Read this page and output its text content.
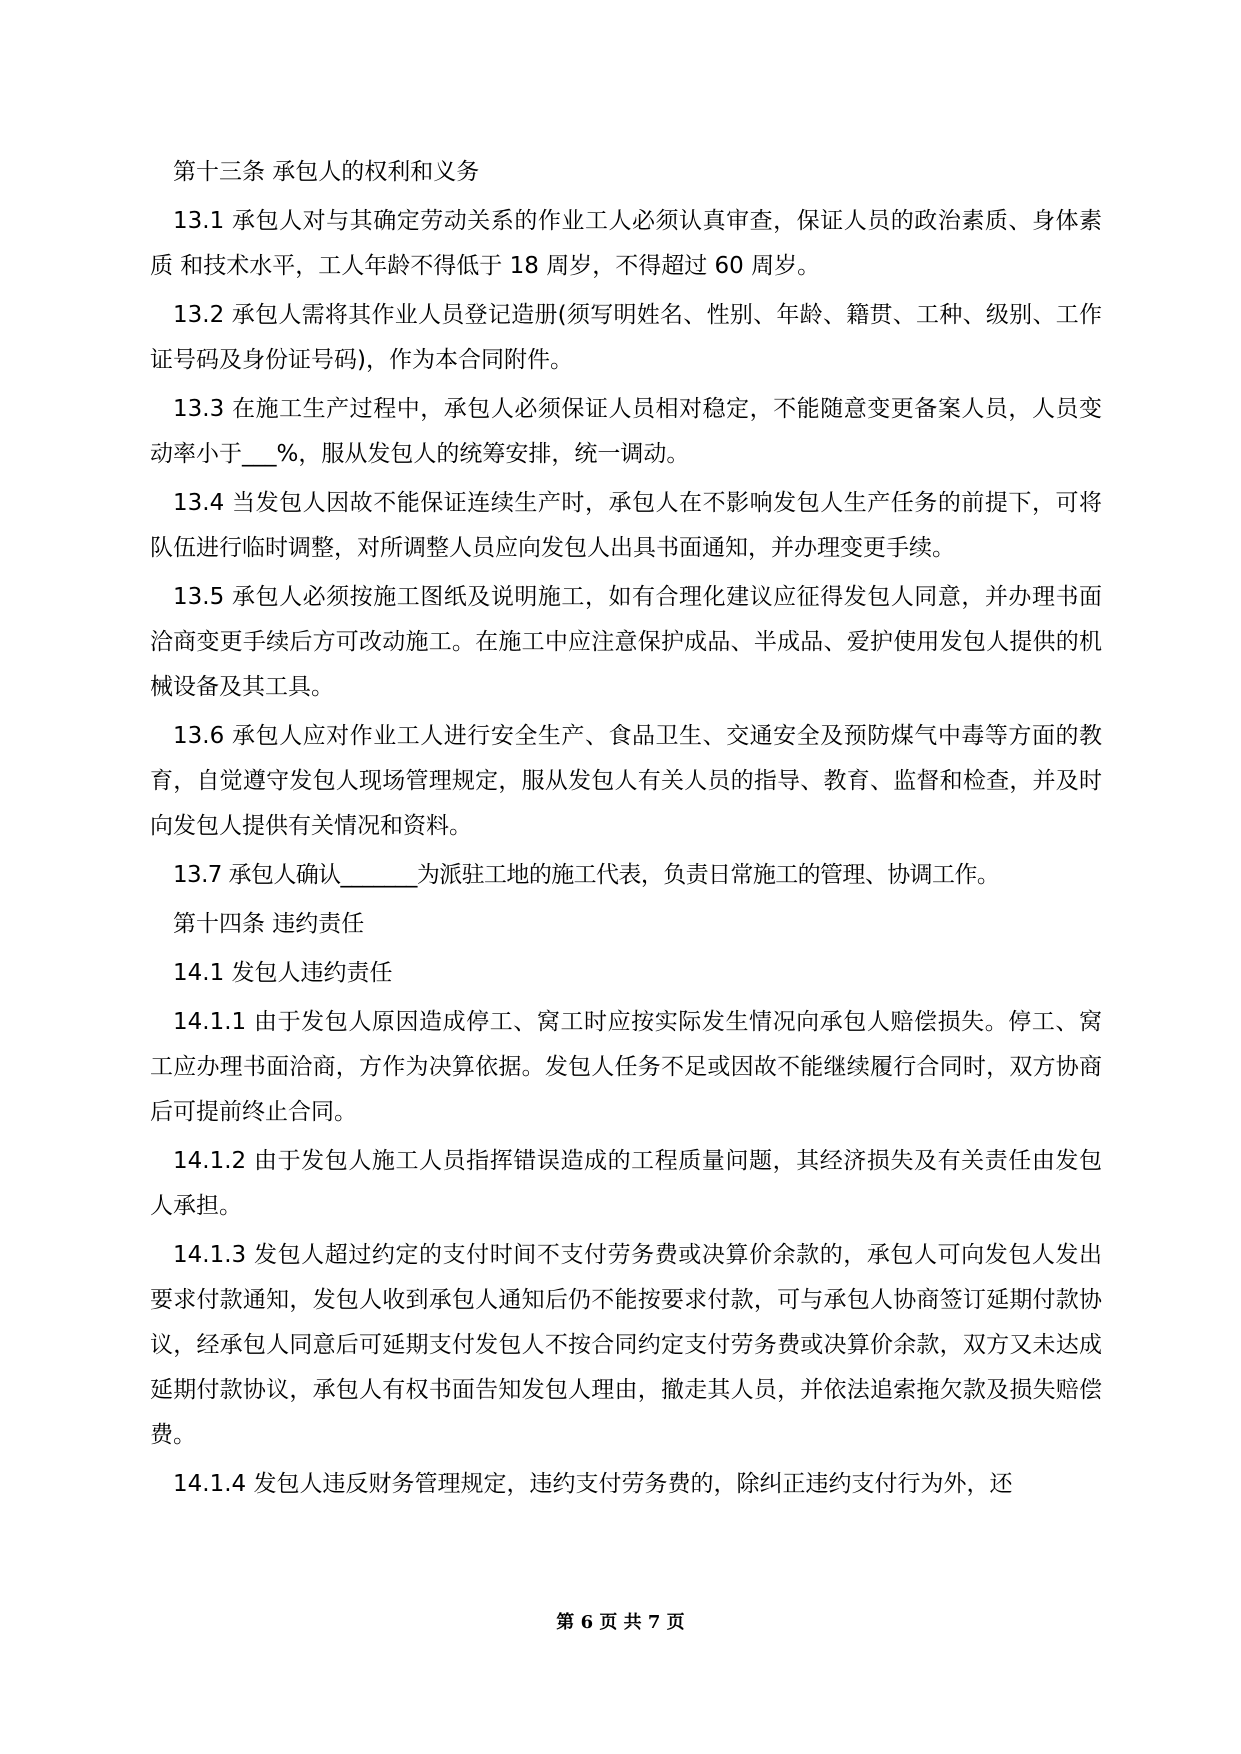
第十三条 承包人的权利和义务

13.1 承包人对与其确定劳动关系的作业工人必须认真审查，保证人员的政治素质、身体素质 和技术水平，工人年龄不得低于 18 周岁，不得超过 60 周岁。

13.2 承包人需将其作业人员登记造册(须写明姓名、性别、年龄、籍贯、工种、级别、工作证号码及身份证号码)，作为本合同附件。

13.3 在施工生产过程中，承包人必须保证人员相对稳定，不能随意变更备案人员，人员变动率小于___%，服从发包人的统筹安排，统一调动。

13.4 当发包人因故不能保证连续生产时，承包人在不影响发包人生产任务的前提下，可将队伍进行临时调整，对所调整人员应向发包人出具书面通知，并办理变更手续。

13.5 承包人必须按施工图纸及说明施工，如有合理化建议应征得发包人同意，并办理书面洽商变更手续后方可改动施工。在施工中应注意保护成品、半成品、爱护使用发包人提供的机械设备及其工具。

13.6 承包人应对作业工人进行安全生产、食品卫生、交通安全及预防煤气中毒等方面的教育，自觉遵守发包人现场管理规定，服从发包人有关人员的指导、教育、监督和检查，并及时向发包人提供有关情况和资料。

13.7 承包人确认_______为派驻工地的施工代表，负责日常施工的管理、协调工作。

第十四条 违约责任

14.1 发包人违约责任

14.1.1 由于发包人原因造成停工、窝工时应按实际发生情况向承包人赔偿损失。停工、窝工应办理书面洽商，方作为决算依据。发包人任务不足或因故不能继续履行合同时，双方协商后可提前终止合同。

14.1.2 由于发包人施工人员指挥错误造成的工程质量问题，其经济损失及有关责任由发包人承担。

14.1.3 发包人超过约定的支付时间不支付劳务费或决算价余款的，承包人可向发包人发出要求付款通知，发包人收到承包人通知后仍不能按要求付款，可与承包人协商签订延期付款协议，经承包人同意后可延期支付发包人不按合同约定支付劳务费或决算价余款，双方又未达成延期付款协议，承包人有权书面告知发包人理由，撤走其人员，并依法追索拖欠款及损失赔偿费。

14.1.4 发包人违反财务管理规定，违约支付劳务费的，除纠正违约支付行为外，还

第 6 页 共 7 页
